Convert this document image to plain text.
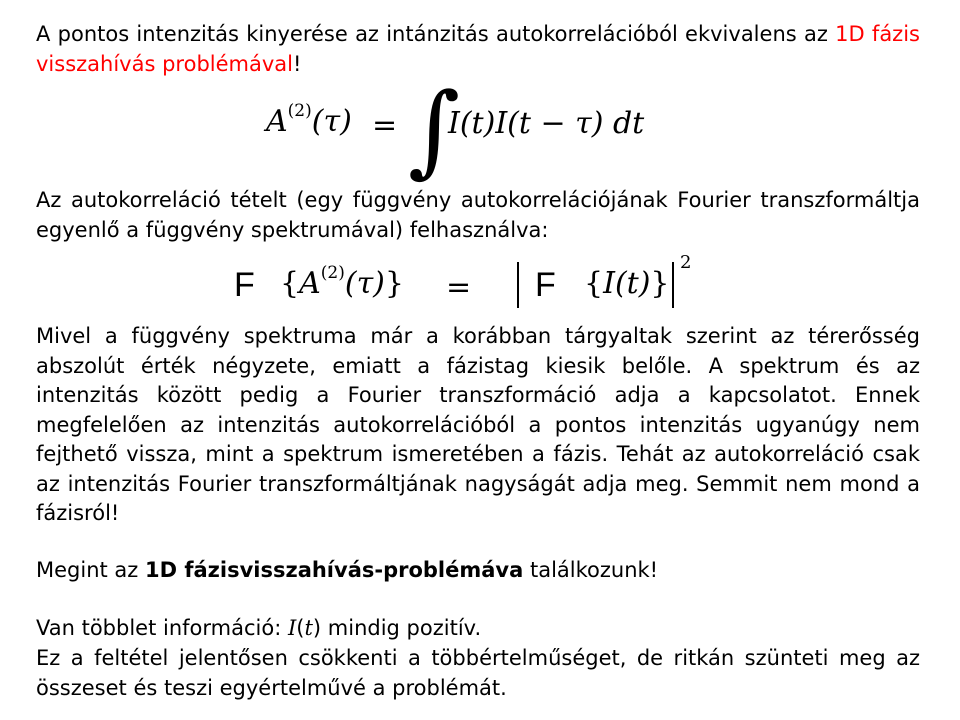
A pontos intenzitás kinyerése az intánzitás autokorrelációból ekvivalens az 1D fázis visszahívás problémával!
$A^{(2)}(\tau)$ = ∫
I(t)I(t − τ) dt
Az autokorreláció tételt (egy függvény autokorrelációjának Fourier transzformáltja egyenlő a függvény spektrumával) felhasználva:
F $\{A^{(2)}(\tau)\} = F$ {I(t)}
2
Mivel a függvény spektruma már a korábban tárgyaltak szerint az térerősség abszolút érték négyzete, emiatt a fázistag kiesik belőle. A spektrum és az intenzitás között pedig a Fourier transzformáció adja a kapcsolatot. Ennek megfelelően az intenzitás autokorrelációból a pontos intenzitás ugyanúgy nem fejthető vissza, mint a spektrum ismeretében a fázis. Tehát az autokorreláció csak az intenzitás Fourier transzformáltjának nagyságát adja meg. Semmit nem mond a fázisról!
Megint az 1D fázisvisszahívás-problémáva találkozunk!
Van többlet információ: I(t) mindig pozitív.
Ez a feltétel jelentősen csökkenti a többértelműséget, de ritkán szünteti meg az összeset és teszi egyértelművé a problémát.
